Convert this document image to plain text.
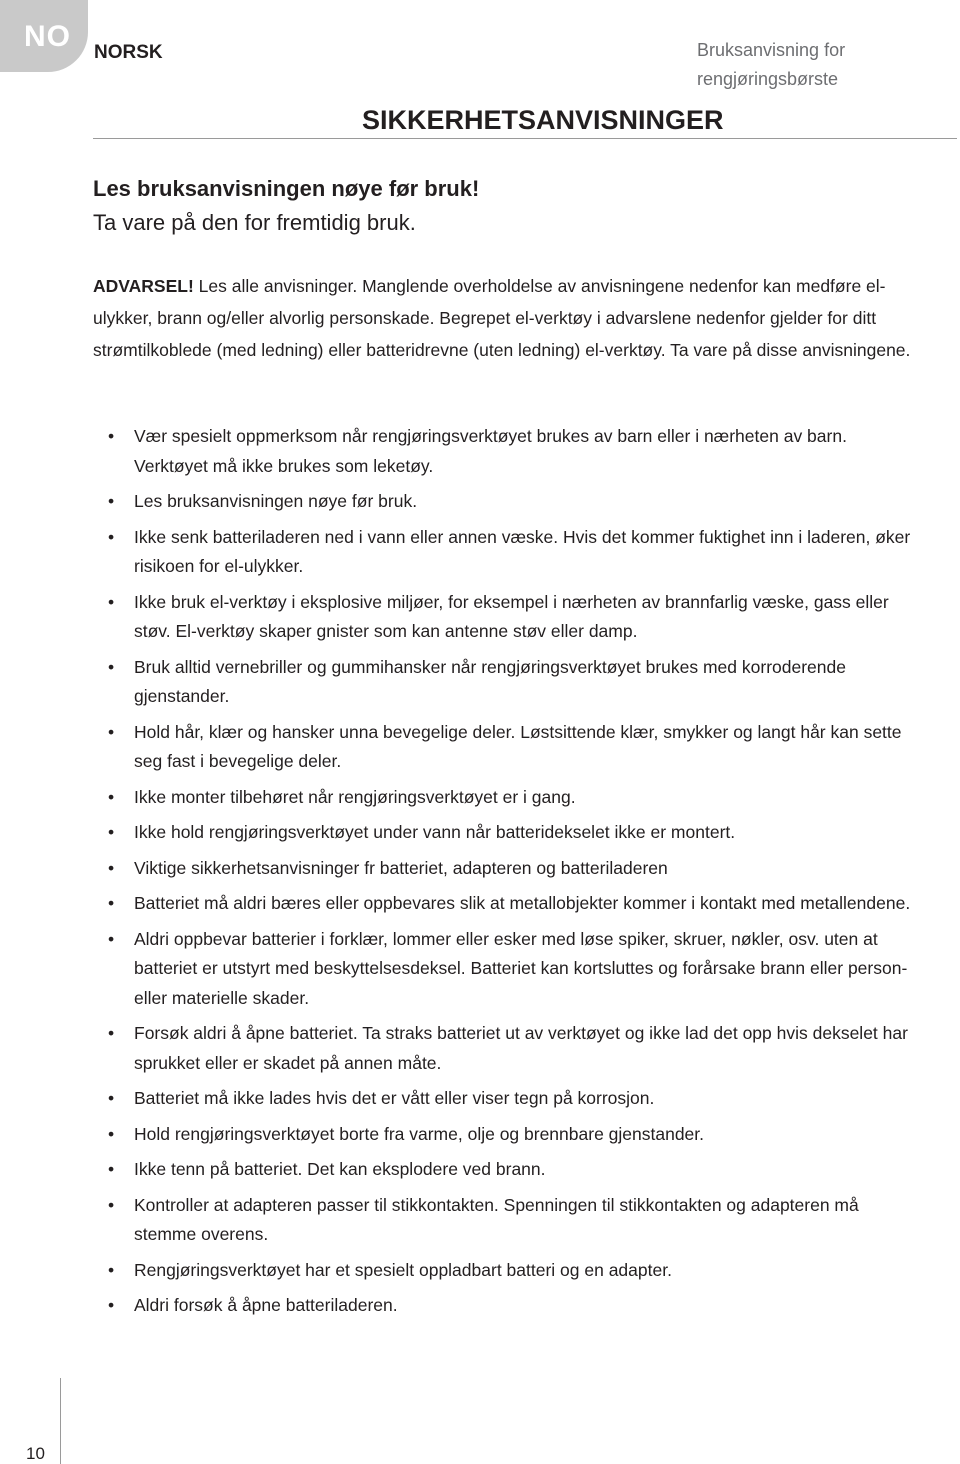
NO	NORSK	Bruksanvisning for
rengjøringsbørste
SIKKERHETSANVISNINGER
Les bruksanvisningen nøye før bruk!
Ta vare på den for fremtidig bruk.
ADVARSEL! Les alle anvisninger. Manglende overholdelse av anvisningene nedenfor kan medføre el-ulykker, brann og/eller alvorlig personskade. Begrepet el-verktøy i advarslene nedenfor gjelder for ditt strømtilkoblede (med ledning) eller batteridrevne (uten ledning) el-verktøy. Ta vare på disse anvisningene.
• Vær spesielt oppmerksom når rengjøringsverktøyet brukes av barn eller i nærheten av barn. Verktøyet må ikke brukes som leketøy.
• Les bruksanvisningen nøye før bruk.
• Ikke senk batteriladeren ned i vann eller annen væske. Hvis det kommer fuktighet inn i laderen, øker risikoen for el-ulykker.
• Ikke bruk el-verktøy i eksplosive miljøer, for eksempel i nærheten av brannfarlig væske, gass eller støv. El-verktøy skaper gnister som kan antenne støv eller damp.
• Bruk alltid vernebriller og gummihansker når rengjøringsverktøyet brukes med korroderende gjenstander.
• Hold hår, klær og hansker unna bevegelige deler. Løstsittende klær, smykker og langt hår kan sette seg fast i bevegelige deler.
• Ikke monter tilbehøret når rengjøringsverktøyet er i gang.
• Ikke hold rengjøringsverktøyet under vann når batteridekselet ikke er montert.
• Viktige sikkerhetsanvisninger fr batteriet, adapteren og batteriladeren
• Batteriet må aldri bæres eller oppbevares slik at metallobjekter kommer i kontakt med metallendene.
• Aldri oppbevar batterier i forklær, lommer eller esker med løse spiker, skruer, nøkler, osv. uten at batteriet er utstyrt med beskyttelsesdeksel. Batteriet kan kortsluttes og forårsake brann eller person- eller materielle skader.
• Forsøk aldri å åpne batteriet. Ta straks batteriet ut av verktøyet og ikke lad det opp hvis dekselet har sprukket eller er skadet på annen måte.
• Batteriet må ikke lades hvis det er vått eller viser tegn på korrosjon.
• Hold rengjøringsverktøyet borte fra varme, olje og brennbare gjenstander.
• Ikke tenn på batteriet. Det kan eksplodere ved brann.
• Kontroller at adapteren passer til stikkontakten. Spenningen til stikkontakten og adapteren må stemme overens.
• Rengjøringsverktøyet har et spesielt oppladbart batteri og en adapter.
• Aldri forsøk å åpne batteriladeren.
10
